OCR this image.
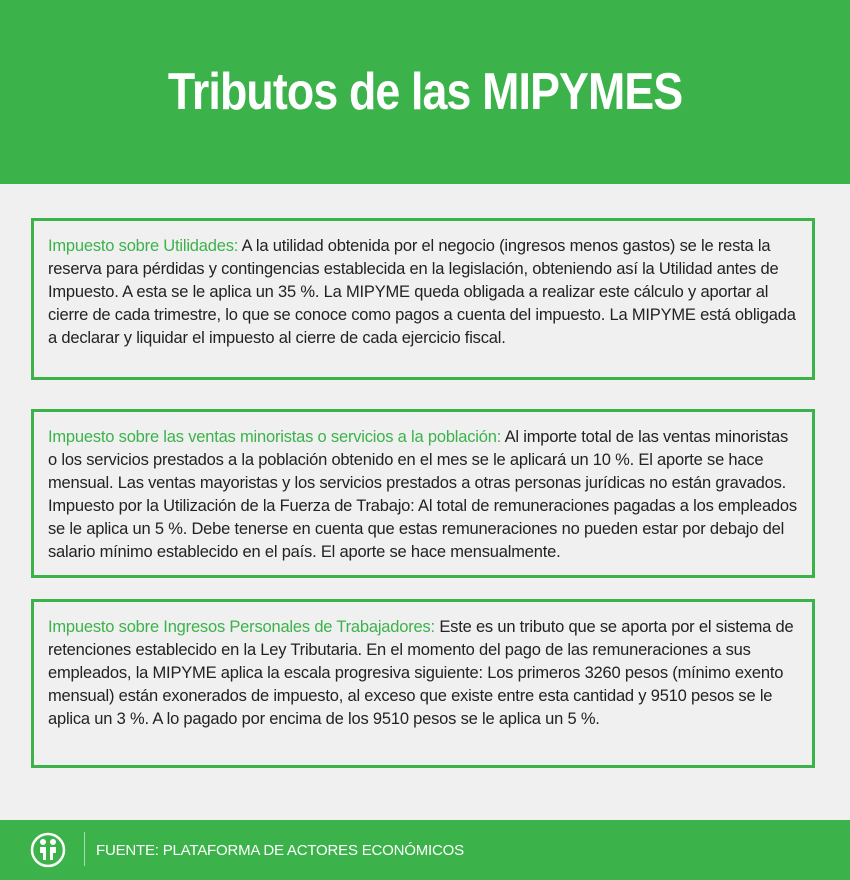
Tributos de las MIPYMES

Impuesto sobre Utilidades: A la utilidad obtenida por el negocio (ingresos menos gastos) se le resta la reserva para pérdidas y contingencias establecida en la legislación, obteniendo así la Utilidad antes de Impuesto. A esta se le aplica un 35 %. La MIPYME queda obligada a realizar este cálculo y aportar al cierre de cada trimestre, lo que se conoce como pagos a cuenta del impuesto. La MIPYME está obligada a declarar y liquidar el impuesto al cierre de cada ejercicio fiscal.

Impuesto sobre las ventas minoristas o servicios a la población: Al importe total de las ventas minoristas o los servicios prestados a la población obtenido en el mes se le aplicará un 10 %. El aporte se hace mensual. Las ventas mayoristas y los servicios prestados a otras personas jurídicas no están gravados. Impuesto por la Utilización de la Fuerza de Trabajo: Al total de remuneraciones pagadas a los empleados se le aplica un 5 %. Debe tenerse en cuenta que estas remuneraciones no pueden estar por debajo del salario mínimo establecido en el país. El aporte se hace mensualmente.

Impuesto sobre Ingresos Personales de Trabajadores: Este es un tributo que se aporta por el sistema de retenciones establecido en la Ley Tributaria. En el momento del pago de las remuneraciones a sus empleados, la MIPYME aplica la escala progresiva siguiente: Los primeros 3260 pesos (mínimo exento mensual) están exonerados de impuesto, al exceso que existe entre esta cantidad y 9510 pesos se le aplica un 3 %. A lo pagado por encima de los 9510 pesos se le aplica un 5 %.

FUENTE: PLATAFORMA DE ACTORES ECONÓMICOS
